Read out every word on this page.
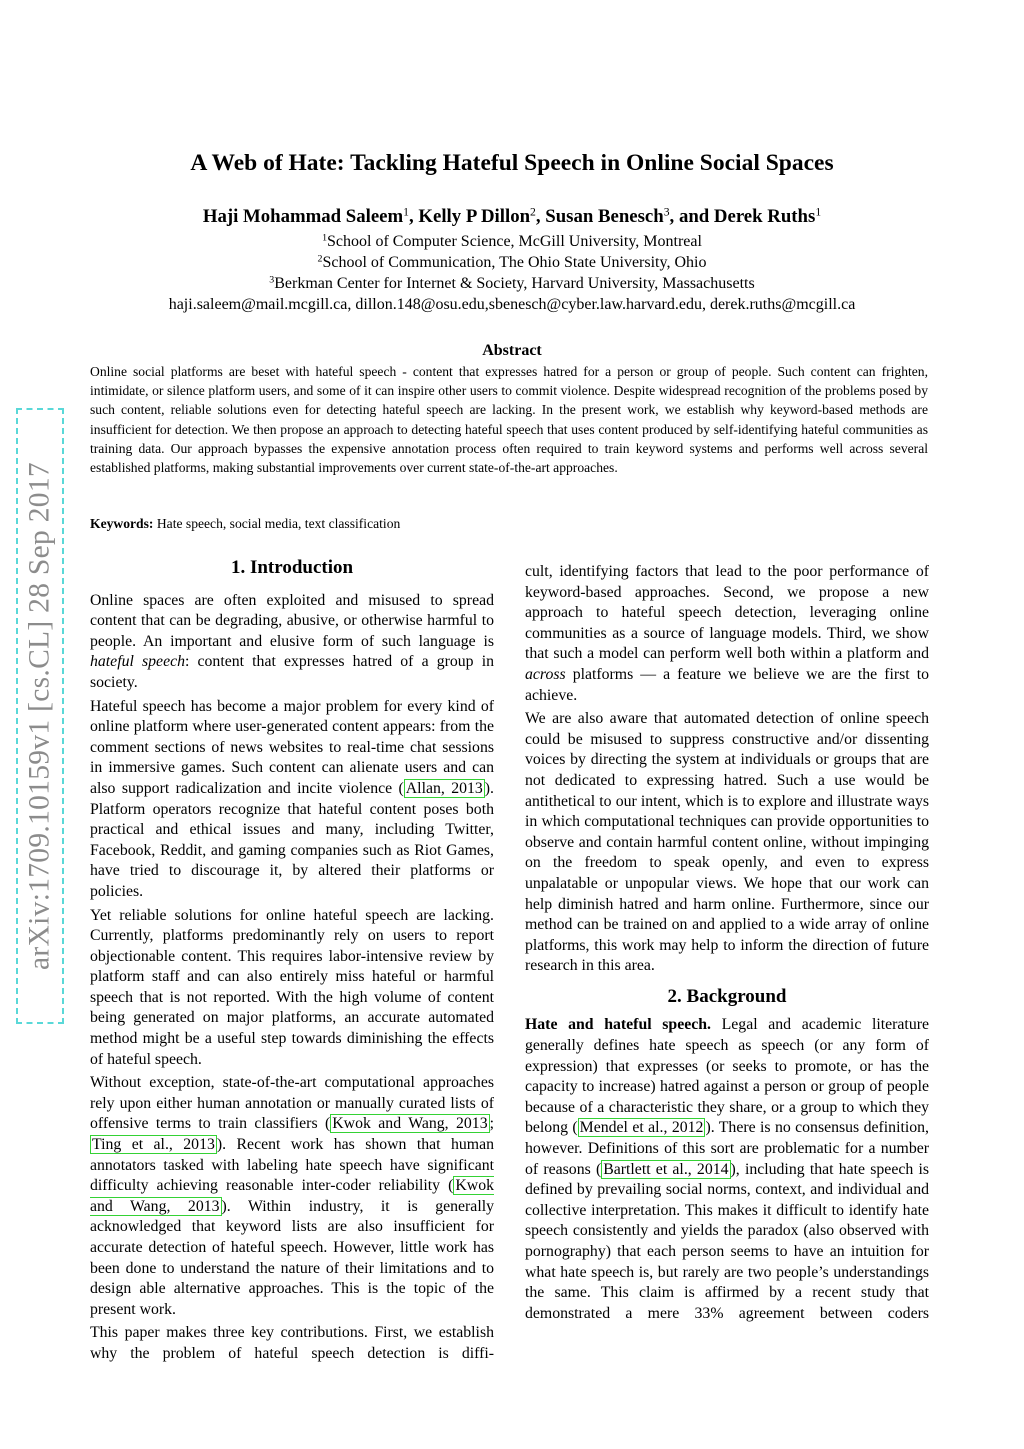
arXiv:1709.10159v1 [cs.CL] 28 Sep 2017
A Web of Hate: Tackling Hateful Speech in Online Social Spaces
Haji Mohammad Saleem$^1$, Kelly P Dillon$^2$, Susan Benesch$^3$, and Derek Ruths$^1$
$^1$School of Computer Science, McGill University, Montreal
$^2$School of Communication, The Ohio State University, Ohio
$^3$Berkman Center for Internet & Society, Harvard University, Massachusetts
haji.saleem@mail.mcgill.ca, dillon.148@osu.edu,sbenesch@cyber.law.harvard.edu, derek.ruths@mcgill.ca
Abstract

Online social platforms are beset with hateful speech - content that expresses hatred for a person or group of people. Such content can frighten, intimidate, or silence platform users, and some of it can inspire other users to commit violence. Despite widespread recognition of the problems posed by such content, reliable solutions even for detecting hateful speech are lacking. In the present work, we establish why keyword-based methods are insufficient for detection. We then propose an approach to detecting hateful speech that uses content produced by self-identifying hateful communities as training data. Our approach bypasses the expensive annotation process often required to train keyword systems and performs well across several established platforms, making substantial improvements over current state-of-the-art approaches.

Keywords: Hate speech, social media, text classification
1. Introduction

Online spaces are often exploited and misused to spread content that can be degrading, abusive, or otherwise harmful to people. An important and elusive form of such language is hateful speech: content that expresses hatred of a group in society.

Hateful speech has become a major problem for every kind of online platform where user-generated content appears: from the comment sections of news websites to real-time chat sessions in immersive games. Such content can alienate users and can also support radicalization and incite violence ( Allan, 2013 ). Platform operators recognize that hateful content poses both practical and ethical issues and many, including Twitter, Facebook, Reddit, and gaming companies such as Riot Games, have tried to discourage it, by altered their platforms or policies.

Yet reliable solutions for online hateful speech are lacking. Currently, platforms predominantly rely on users to report objectionable content. This requires labor-intensive review by platform staff and can also entirely miss hateful or harmful speech that is not reported. With the high volume of content being generated on major platforms, an accurate automated method might be a useful step towards diminishing the effects of hateful speech.

Without exception, state-of-the-art computational approaches rely upon either human annotation or manually curated lists of offensive terms to train classifiers ( Kwok and Wang, 2013 ; Ting et al., 2013 ). Recent work has shown that human annotators tasked with labeling hate speech have significant difficulty achieving reasonable inter-coder reliability ( Kwok and Wang, 2013 ). Within industry, it is generally acknowledged that keyword lists are also insufficient for accurate detection of hateful speech. However, little work has been done to understand the nature of their limitations and to design able alternative approaches. This is the topic of the present work.

This paper makes three key contributions. First, we establish why the problem of hateful speech detection is diffi-

cult, identifying factors that lead to the poor performance of keyword-based approaches. Second, we propose a new approach to hateful speech detection, leveraging online communities as a source of language models. Third, we show that such a model can perform well both within a platform and across platforms — a feature we believe we are the first to achieve.

We are also aware that automated detection of online speech could be misused to suppress constructive and/or dissenting voices by directing the system at individuals or groups that are not dedicated to expressing hatred. Such a use would be antithetical to our intent, which is to explore and illustrate ways in which computational techniques can provide opportunities to observe and contain harmful content online, without impinging on the freedom to speak openly, and even to express unpalatable or unpopular views. We hope that our work can help diminish hatred and harm online. Furthermore, since our method can be trained on and applied to a wide array of online platforms, this work may help to inform the direction of future research in this area.

2. Background

Hate and hateful speech. Legal and academic literature generally defines hate speech as speech (or any form of expression) that expresses (or seeks to promote, or has the capacity to increase) hatred against a person or group of people because of a characteristic they share, or a group to which they belong ( Mendel et al., 2012 ). There is no consensus definition, however. Definitions of this sort are problematic for a number of reasons ( Bartlett et al., 2014 ), including that hate speech is defined by prevailing social norms, context, and individual and collective interpretation. This makes it difficult to identify hate speech consistently and yields the paradox (also observed with pornography) that each person seems to have an intuition for what hate speech is, but rarely are two people’s understandings the same. This claim is affirmed by a recent study that demonstrated a mere 33% agreement between coders
